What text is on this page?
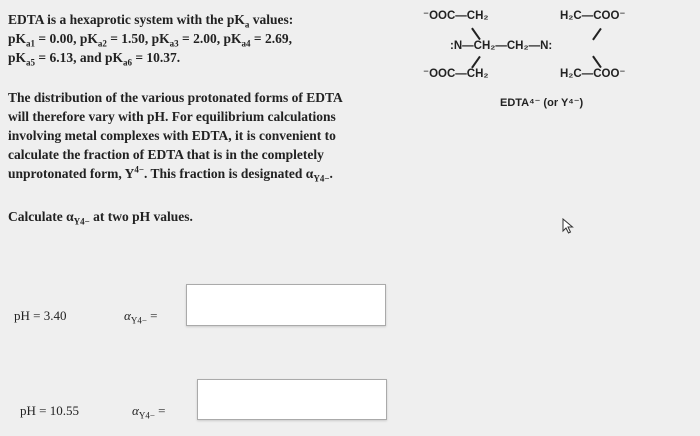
EDTA is a hexaprotic system with the $pK_a$ values:
$pK_{a1} = 0.00$, $pK_{a2} = 1.50$, $pK_{a3} = 2.00$, $pK_{a4} = 2.69$,
$pK_{a5} = 6.13$, and $pK_{a6} = 10.37$.
The distribution of the various protonated forms of EDTA
will therefore vary with pH. For equilibrium calculations
involving metal complexes with EDTA, it is convenient to
calculate the fraction of EDTA that is in the completely
unprotonated form, $Y^{4-}$. This fraction is designated $\alpha_{Y4-}$.
Calculate $\alpha_{Y4-}$ at two pH values.
⁻OOC—CH₂	H₂C—COO⁻
:N—CH₂—CH₂—N:
⁻OOC—CH₂	H₂C—COO⁻
EDTA⁴⁻ (or Y⁴⁻)
pH = 3.40	$\alpha_{Y4-}$ =
pH = 10.55	$\alpha_{Y4-}$ =
